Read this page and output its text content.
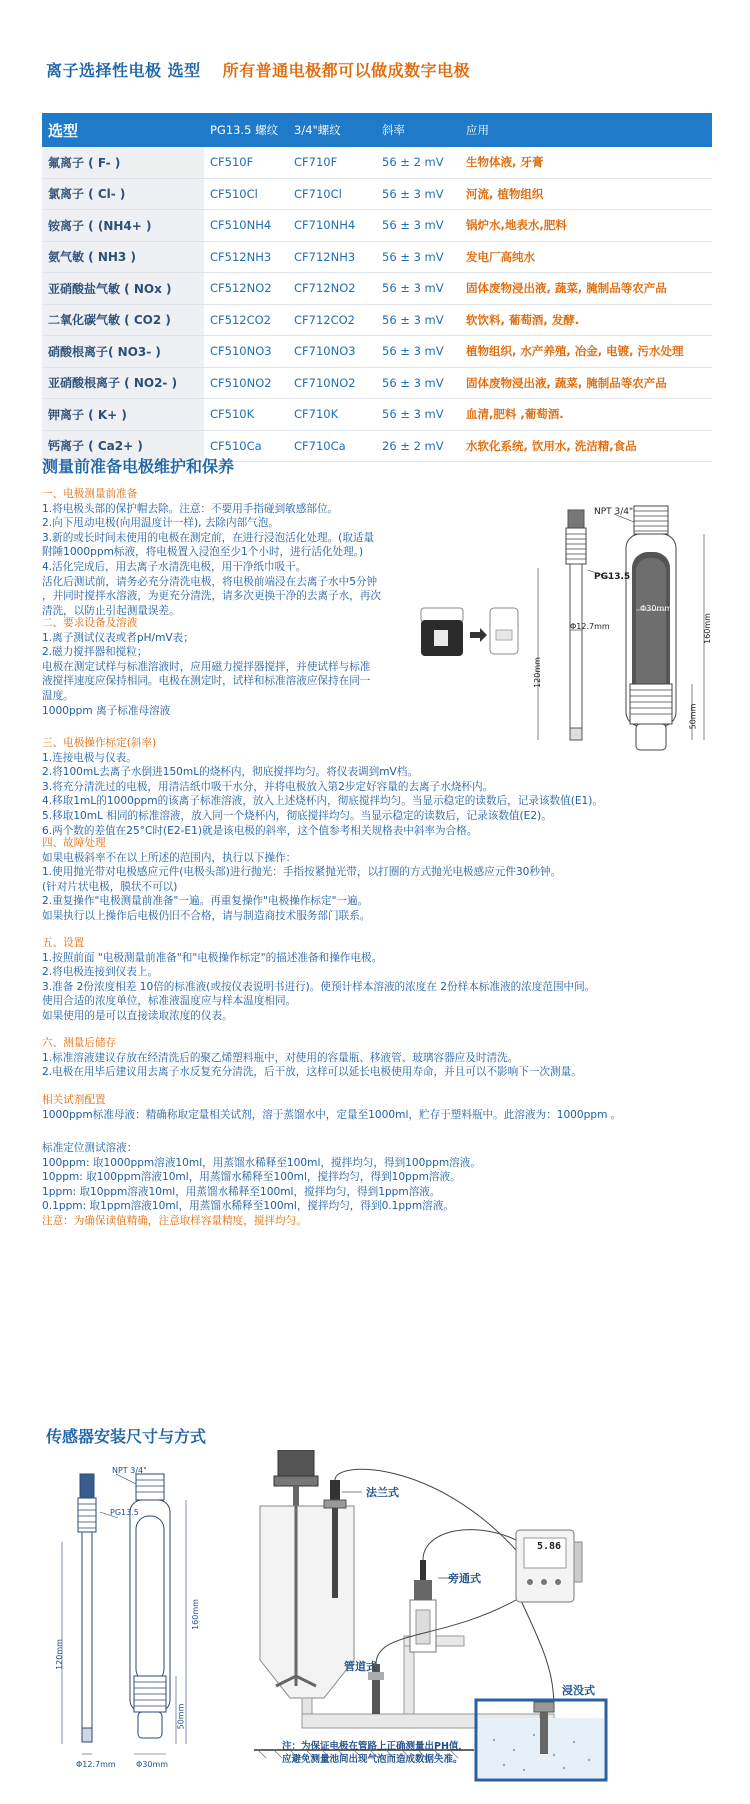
离子选择性电极 选型 所有普通电极都可以做成数字电极
选型	PG13.5 螺纹	3/4"螺纹	斜率	应用
氟离子 ( F- )	CF510F	CF710F	56 ± 2 mV	生物体液, 牙膏
氯离子 ( Cl- )	CF510Cl	CF710Cl	56 ± 3 mV	河流, 植物组织
铵离子 ( (NH4+ )	CF510NH4	CF710NH4	56 ± 3 mV	锅炉水,地表水,肥料
氨气敏 ( NH3 )	CF512NH3	CF712NH3	56 ± 3 mV	发电厂高纯水
亚硝酸盐气敏 ( NOx )	CF512NO2	CF712NO2	56 ± 3 mV	固体废物浸出液, 蔬菜, 腌制品等农产品
二氧化碳气敏 ( CO2 )	CF512CO2	CF712CO2	56 ± 3 mV	软饮料, 葡萄酒, 发酵.
硝酸根离子( NO3- )	CF510NO3	CF710NO3	56 ± 3 mV	植物组织, 水产养殖, 冶金, 电镀, 污水处理
亚硝酸根离子 ( NO2- )	CF510NO2	CF710NO2	56 ± 3 mV	固体废物浸出液, 蔬菜, 腌制品等农产品
钾离子 ( K+ )	CF510K	CF710K	56 ± 3 mV	血清,肥料 ,葡萄酒.
钙离子 ( Ca2+ )	CF510Ca	CF710Ca	26 ± 2 mV	水软化系统, 饮用水, 洗洁精,食品
测量前准备电极维护和保养
一、电极测量前准备
1.将电极头部的保护帽去除。注意：不要用手指碰到敏感部位。
2.向下甩动电极(向用温度计一样), 去除内部气泡。
3.新的或长时间未使用的电极在测定前，在进行浸泡活化处理。(取适量
附陲1000ppm标液，将电极置入浸泡至少1个小时，进行活化处理。)
4.活化完成后，用去离子水清洗电极，用干净纸巾吸干。
活化后测试前，请务必充分清洗电极，将电极前端浸在去离子水中5分钟
，并同时搅拌水溶液，为更充分清洗，请多次更换干净的去离子水，再次
清洗，以防止引起测量误差。
二、要求设备及溶液
1.离子测试仪表或者pH/mV表；
2.磁力搅拌器和搅粒；
电极在测定试样与标准溶液时，应用磁力搅拌器搅拌，并使试样与标准
液搅拌速度应保持相同。电极在测定时，试样和标准溶液应保持在同一
温度。
1000ppm 离子标准母溶液
三、电极操作标定(斜率)
1.连接电极与仪表。
2.将100mL去离子水倒进150mL的烧杯内，彻底搅拌均匀。将仪表调到mV档。
3.将充分清洗过的电极，用清洁纸巾吸干水分，并将电极放入第2步定好容量的去离子水烧杯内。
4.移取1mL的1000ppm的该离子标准溶液，放入上述烧杯内，彻底搅拌均匀。当显示稳定的读数后，记录该数值(E1)。
5.移取10mL 相同的标准溶液，放入同一个烧杯内，彻底搅拌均匀。当显示稳定的读数后，记录该数值(E2)。
6.两个数的差值在25°C时(E2-E1)就是该电极的斜率，这个值参考相关规格表中斜率为合格。
四、故障处理
如果电极斜率不在以上所述的范围内，执行以下操作：
1.使用抛光带对电极感应元件(电极头部)进行抛光：手指按紧抛光带，以打圈的方式抛光电极感应元件30秒钟。
(针对片状电极，膜状不可以)
2.重复操作"电极测量前准备"一遍。再重复操作"电极操作标定"一遍。
如果执行以上操作后电极仍旧不合格，请与制造商技术服务部门联系。
五、设置
1.按照前面 "电极测量前准备"和"电极操作标定"的描述准备和操作电极。
2.将电极连接到仪表上。
3.准备 2份浓度相差 10倍的标准液(或按仪表说明书进行)。使预计样本溶液的浓度在 2份样本标准液的浓度范围中间。
使用合适的浓度单位，标准液温度应与样本温度相同。
如果使用的是可以直接读取浓度的仪表。
六、测量后储存
1.标准溶液建议存放在经清洗后的聚乙烯塑料瓶中，对使用的容量瓶、移液管、玻璃容器应及时清洗。
2.电极在用毕后建议用去离子水反复充分清洗，后干放，这样可以延长电极使用寿命，并且可以不影响下一次测量。
相关试剂配置
1000ppm标准母液：精确称取定量相关试剂，溶于蒸馏水中，定量至1000ml，贮存于塑料瓶中。此溶液为：1000ppm 。
标准定位测试溶液：
100ppm: 取1000ppm溶液10ml，用蒸馏水稀释至100ml，搅拌均匀，得到100ppm溶液。
10ppm: 取100ppm溶液10ml，用蒸馏水稀释至100ml，搅拌均匀，得到10ppm溶液。
1ppm: 取10ppm溶液10ml，用蒸馏水稀释至100ml，搅拌均匀，得到1ppm溶液。
0.1ppm: 取1ppm溶液10ml，用蒸馏水稀释至100ml，搅拌均匀，得到0.1ppm溶液。
注意：为确保读值精确，注意取样容量精度，搅拌均匀。
NPT 3/4"
PG13.5
Φ12.7mm
Φ30mm
120mm
160mm
50mm
传感器安装尺寸与方式
NPT 3/4"
PG13.5
120mm
160mm
50mm
Φ12.7mm	Φ30mm
5.86
法兰式
旁通式
管道式
浸没式
注：为保证电极在管路上正确测量出PH值，
应避免测量池间出现气泡而造成数据失准。
